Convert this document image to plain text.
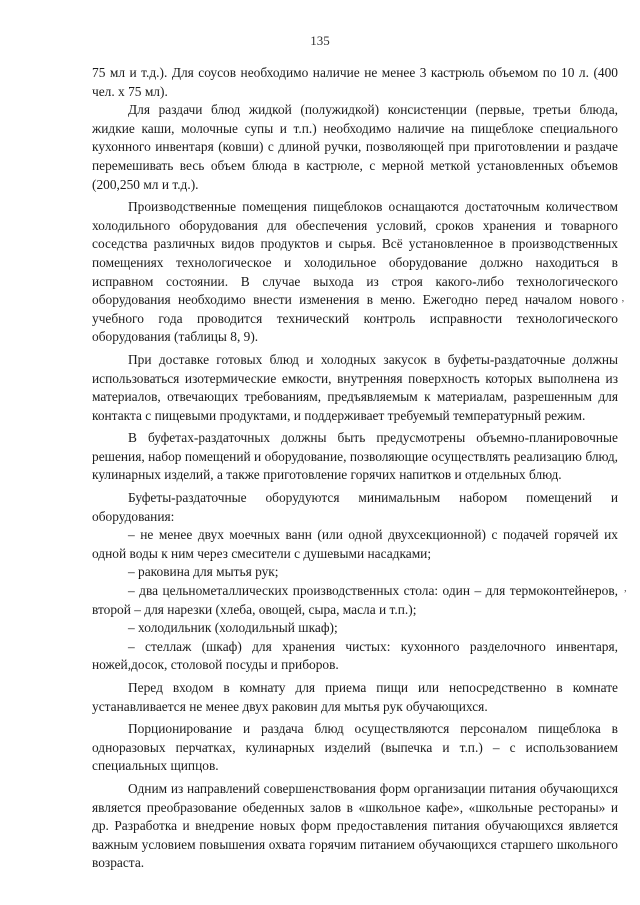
135

75 мл и т.д.). Для соусов необходимо наличие не менее 3 кастрюль объемом по 10 л. (400 чел. х 75 мл).

Для раздачи блюд жидкой (полужидкой) консистенции (первые, третьи блюда, жидкие каши, молочные супы и т.п.) необходимо наличие на пищеблоке специального кухонного инвентаря (ковши) с длиной ручки, позволяющей при приготовлении и раздаче перемешивать весь объем блюда в кастрюле, с мерной меткой установленных объемов (200,250 мл и т.д.).

Производственные помещения пищеблоков оснащаются достаточным количеством холодильного оборудования для обеспечения условий, сроков хранения и товарного соседства различных видов продуктов и сырья. Всё установленное в производственных помещениях технологическое и холодильное оборудование должно находиться в исправном состоянии. В случае выхода из строя какого-либо технологического оборудования необходимо внести изменения в меню. Ежегодно перед началом нового учебного года проводится технический контроль исправности технологического оборудования (таблицы 8, 9).

При доставке готовых блюд и холодных закусок в буфеты-раздаточные должны использоваться изотермические емкости, внутренняя поверхность которых выполнена из материалов, отвечающих требованиям, предъявляемым к материалам, разрешенным для контакта с пищевыми продуктами, и поддерживает требуемый температурный режим.

В буфетах-раздаточных должны быть предусмотрены объемно-планировочные решения, набор помещений и оборудование, позволяющие осуществлять реализацию блюд, кулинарных изделий, а также приготовление горячих напитков и отдельных блюд.

Буфеты-раздаточные оборудуются минимальным набором помещений и оборудования:

– не менее двух моечных ванн (или одной двухсекционной) с подачей горячей их одной воды к ним через смесители с душевыми насадками;

– раковина для мытья рук;

– два цельнометаллических производственных стола: один – для термоконтейнеров, второй – для нарезки (хлеба, овощей, сыра, масла и т.п.);

– холодильник (холодильный шкаф);

– стеллаж (шкаф) для хранения чистых: кухонного разделочного инвентаря, ножей,досок, столовой посуды и приборов.

Перед входом в комнату для приема пищи или непосредственно в комнате устанавливается не менее двух раковин для мытья рук обучающихся.

Порционирование и раздача блюд осуществляются персоналом пищеблока в одноразовых перчатках, кулинарных изделий (выпечка и т.п.) – с использованием специальных щипцов.

Одним из направлений совершенствования форм организации питания обучающихся является преобразование обеденных залов в «школьное кафе», «школьные рестораны» и др. Разработка и внедрение новых форм предоставления питания обучающихся является важным условием повышения охвата горячим питанием обучающихся старшего школьного возраста.

’
,
